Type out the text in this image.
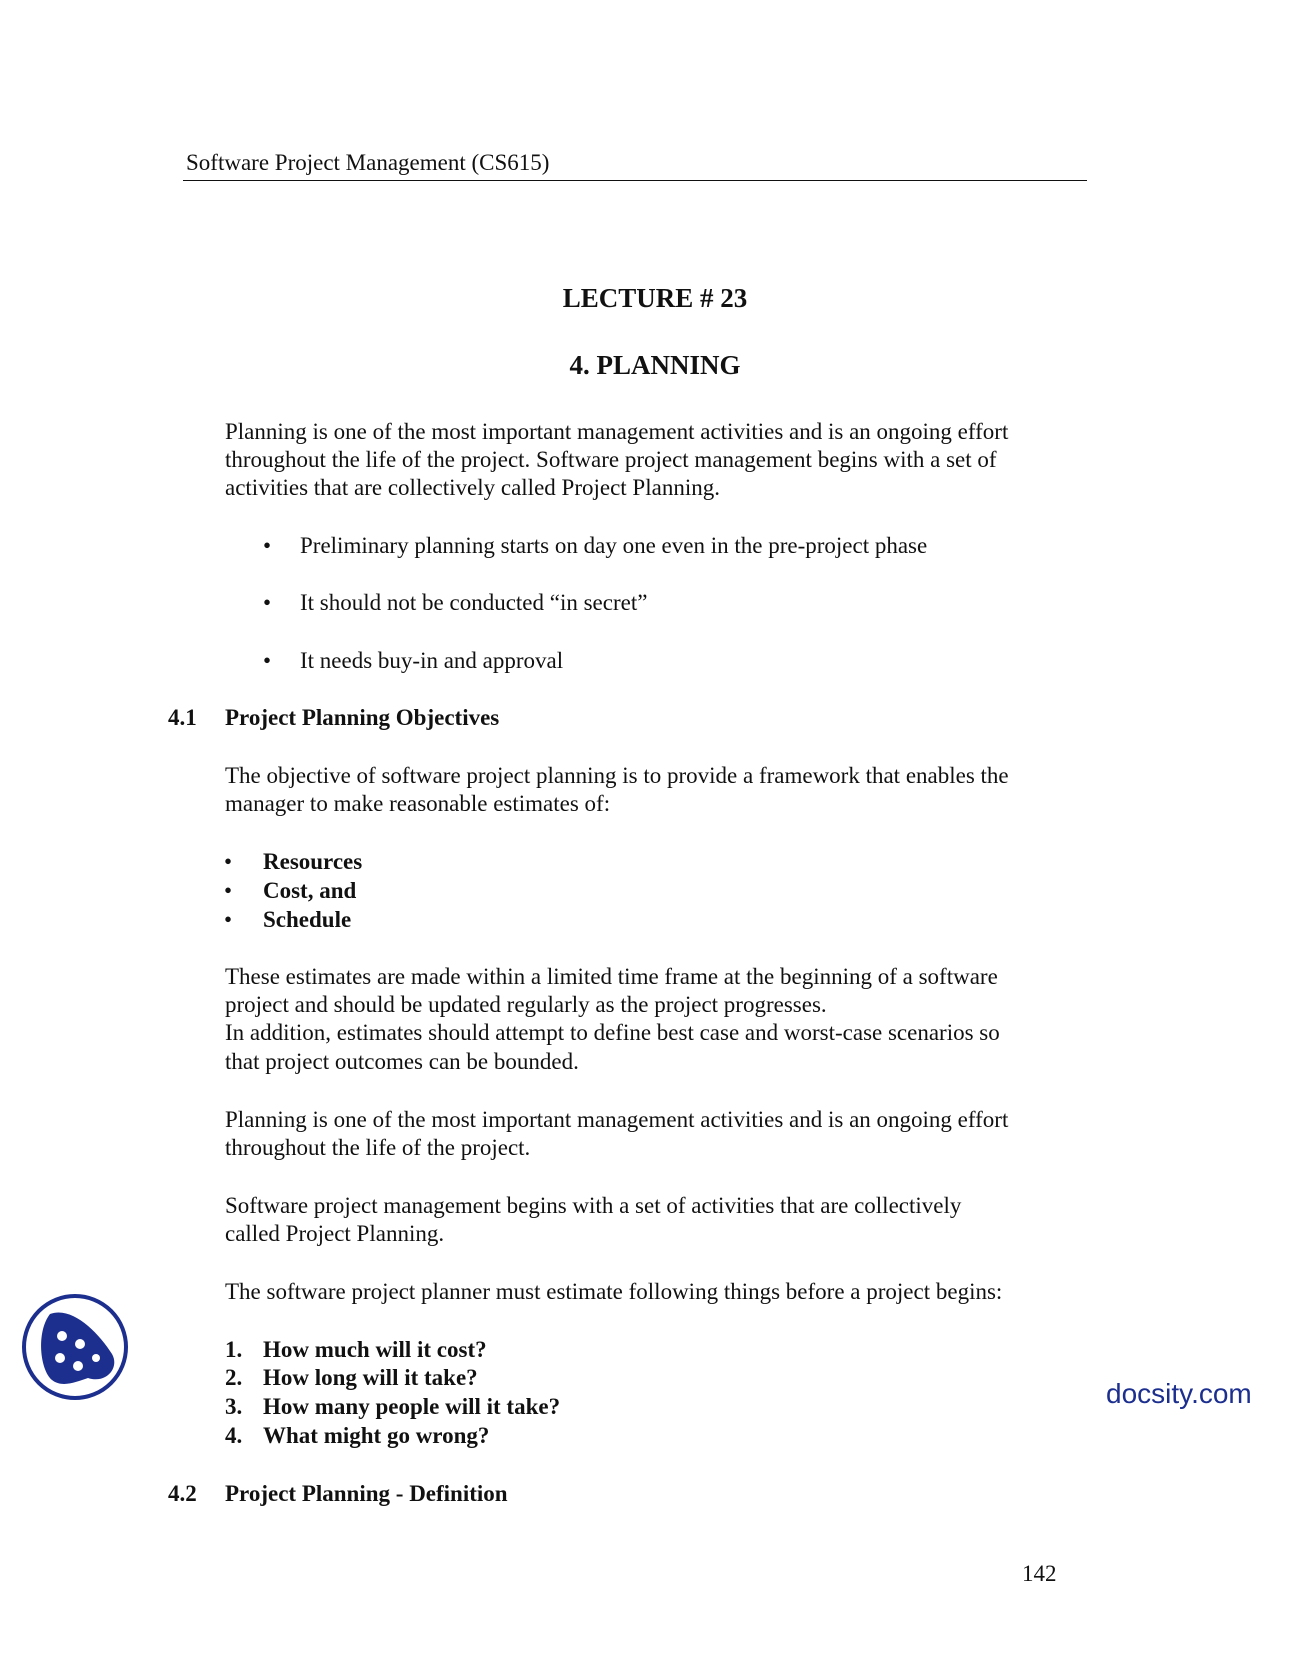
Software Project Management (CS615)
LECTURE # 23
4. PLANNING
Planning is one of the most important management activities and is an ongoing effort
throughout the life of the project. Software project management begins with a set of
activities that are collectively called Project Planning.
• Preliminary planning starts on day one even in the pre-project phase
• It should not be conducted “in secret”
• It needs buy-in and approval
4.1 Project Planning Objectives
The objective of software project planning is to provide a framework that enables the
manager to make reasonable estimates of:
• Resources
• Cost, and
• Schedule
These estimates are made within a limited time frame at the beginning of a software
project and should be updated regularly as the project progresses.
In addition, estimates should attempt to define best case and worst-case scenarios so
that project outcomes can be bounded.
Planning is one of the most important management activities and is an ongoing effort
throughout the life of the project.
Software project management begins with a set of activities that are collectively
called Project Planning.
The software project planner must estimate following things before a project begins:
1. How much will it cost?
2. How long will it take?
3. How many people will it take?
4. What might go wrong?
4.2 Project Planning - Definition
docsity.com
142
